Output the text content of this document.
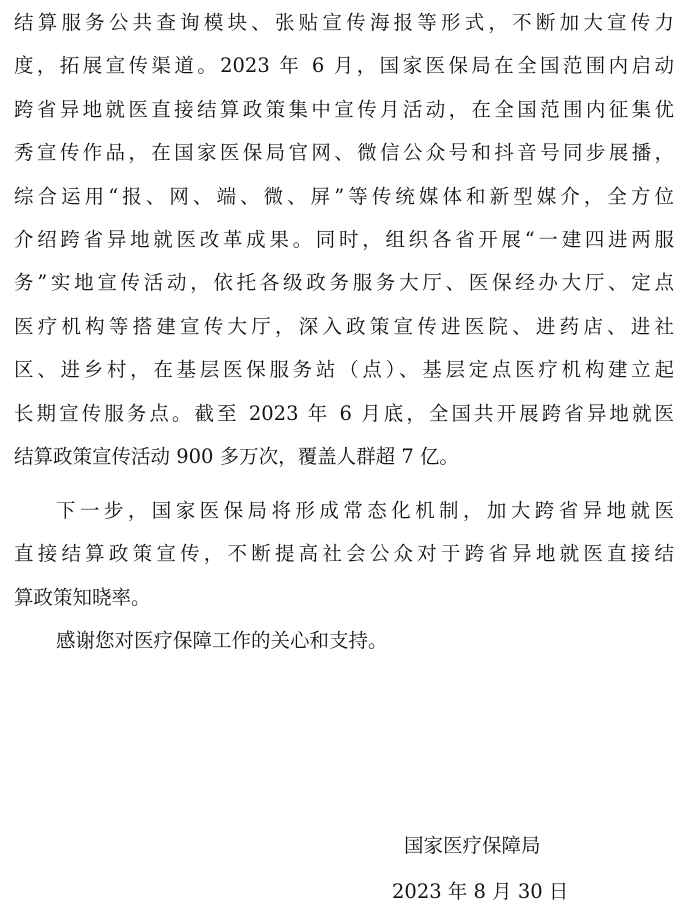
结算服务公共查询模块、张贴宣传海报等形式，不断加大宣传力
度，拓展宣传渠道。2023 年 6 月，国家医保局在全国范围内启动
跨省异地就医直接结算政策集中宣传月活动，在全国范围内征集优
秀宣传作品，在国家医保局官网、微信公众号和抖音号同步展播，
综合运用“报、网、端、微、屏”等传统媒体和新型媒介，全方位
介绍跨省异地就医改革成果。同时，组织各省开展“一建四进两服
务”实地宣传活动，依托各级政务服务大厅、医保经办大厅、定点
医疗机构等搭建宣传大厅，深入政策宣传进医院、进药店、进社
区、进乡村，在基层医保服务站（点）、基层定点医疗机构建立起
长期宣传服务点。截至 2023 年 6 月底，全国共开展跨省异地就医
结算政策宣传活动 900 多万次，覆盖人群超 7 亿。
下一步，国家医保局将形成常态化机制，加大跨省异地就医
直接结算政策宣传，不断提高社会公众对于跨省异地就医直接结
算政策知晓率。
感谢您对医疗保障工作的关心和支持。
国家医疗保障局
2023 年 8 月 30 日
